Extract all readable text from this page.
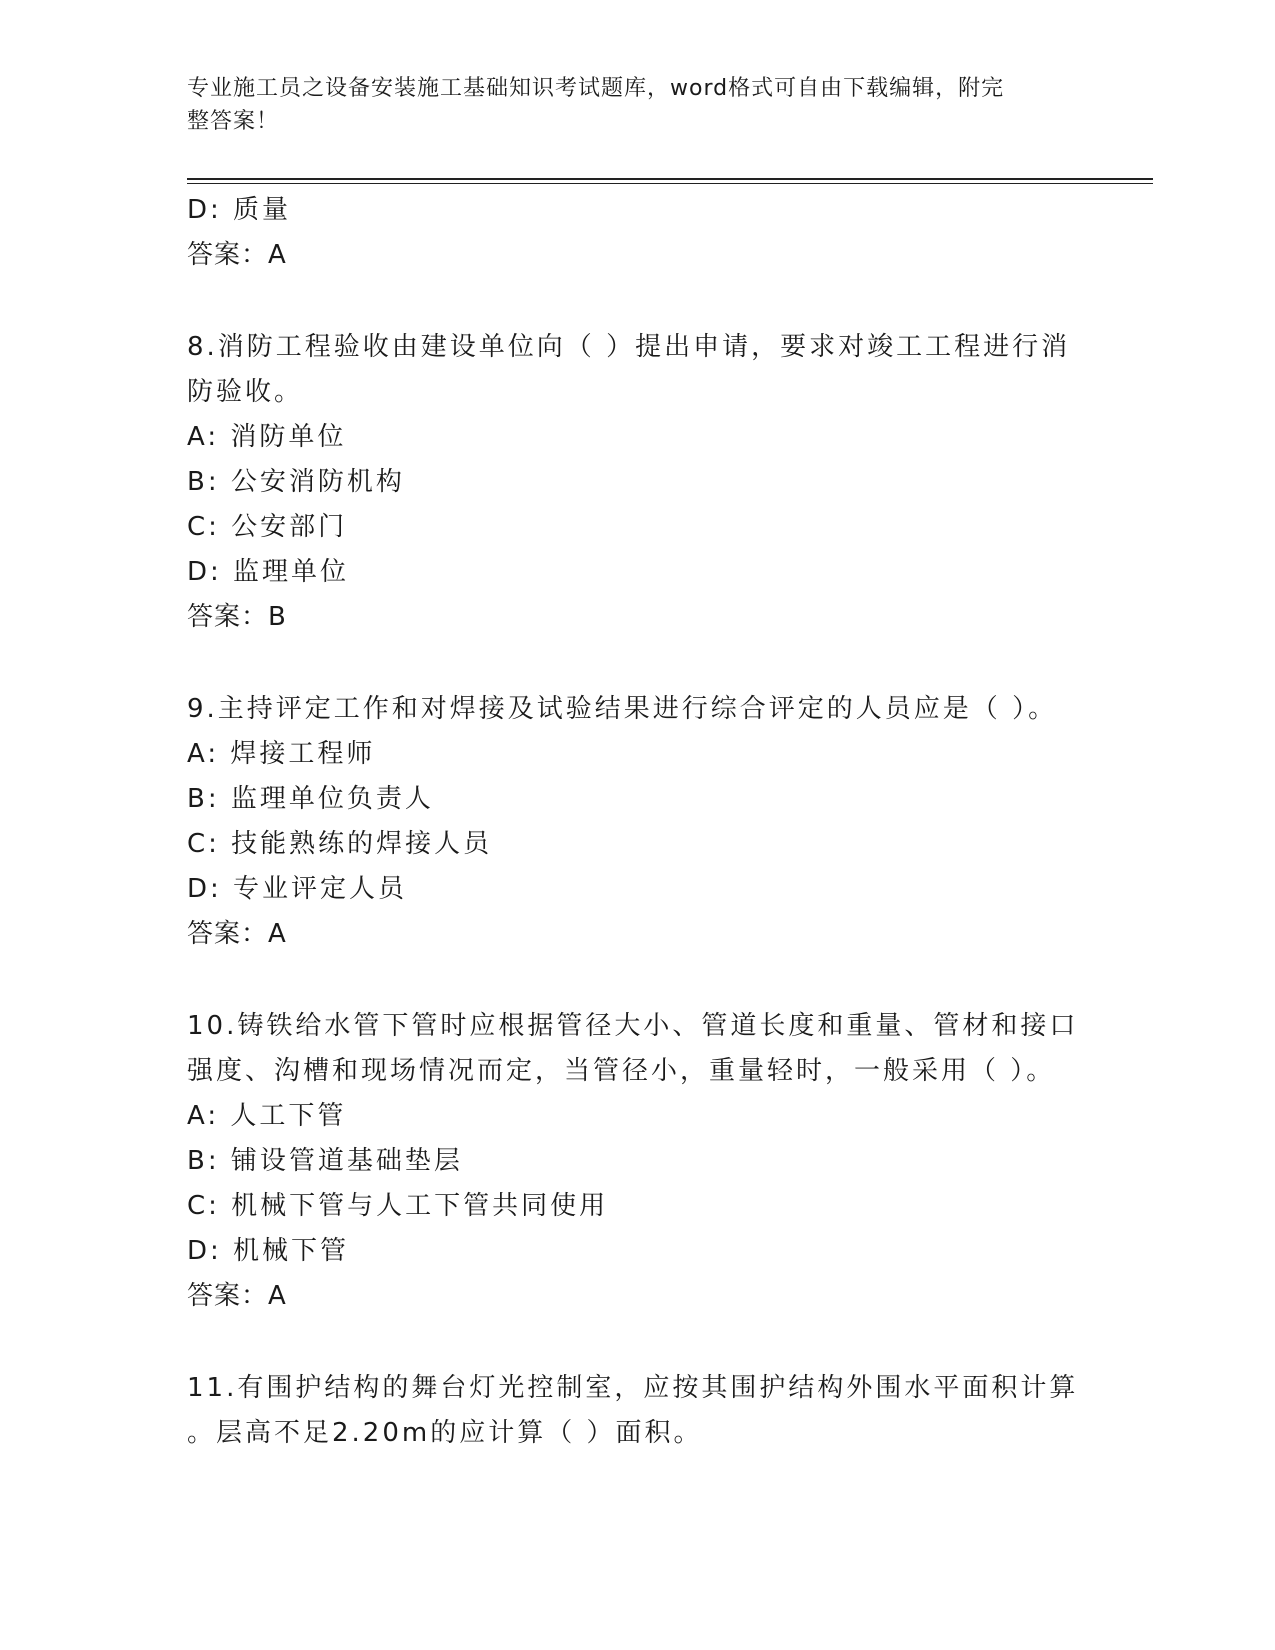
专业施工员之设备安装施工基础知识考试题库，word格式可自由下载编辑，附完
整答案！
D: 质量
答案：A
8.消防工程验收由建设单位向（ ）提出申请，要求对竣工工程进行消
防验收。
A: 消防单位
B: 公安消防机构
C: 公安部门
D: 监理单位
答案：B
9.主持评定工作和对焊接及试验结果进行综合评定的人员应是（ ）。
A: 焊接工程师
B: 监理单位负责人
C: 技能熟练的焊接人员
D: 专业评定人员
答案：A
10.铸铁给水管下管时应根据管径大小、管道长度和重量、管材和接口
强度、沟槽和现场情况而定，当管径小，重量轻时，一般采用（ ）。
A: 人工下管
B: 铺设管道基础垫层
C: 机械下管与人工下管共同使用
D: 机械下管
答案：A
11.有围护结构的舞台灯光控制室，应按其围护结构外围水平面积计算
。层高不足2.20m的应计算（ ）面积。
